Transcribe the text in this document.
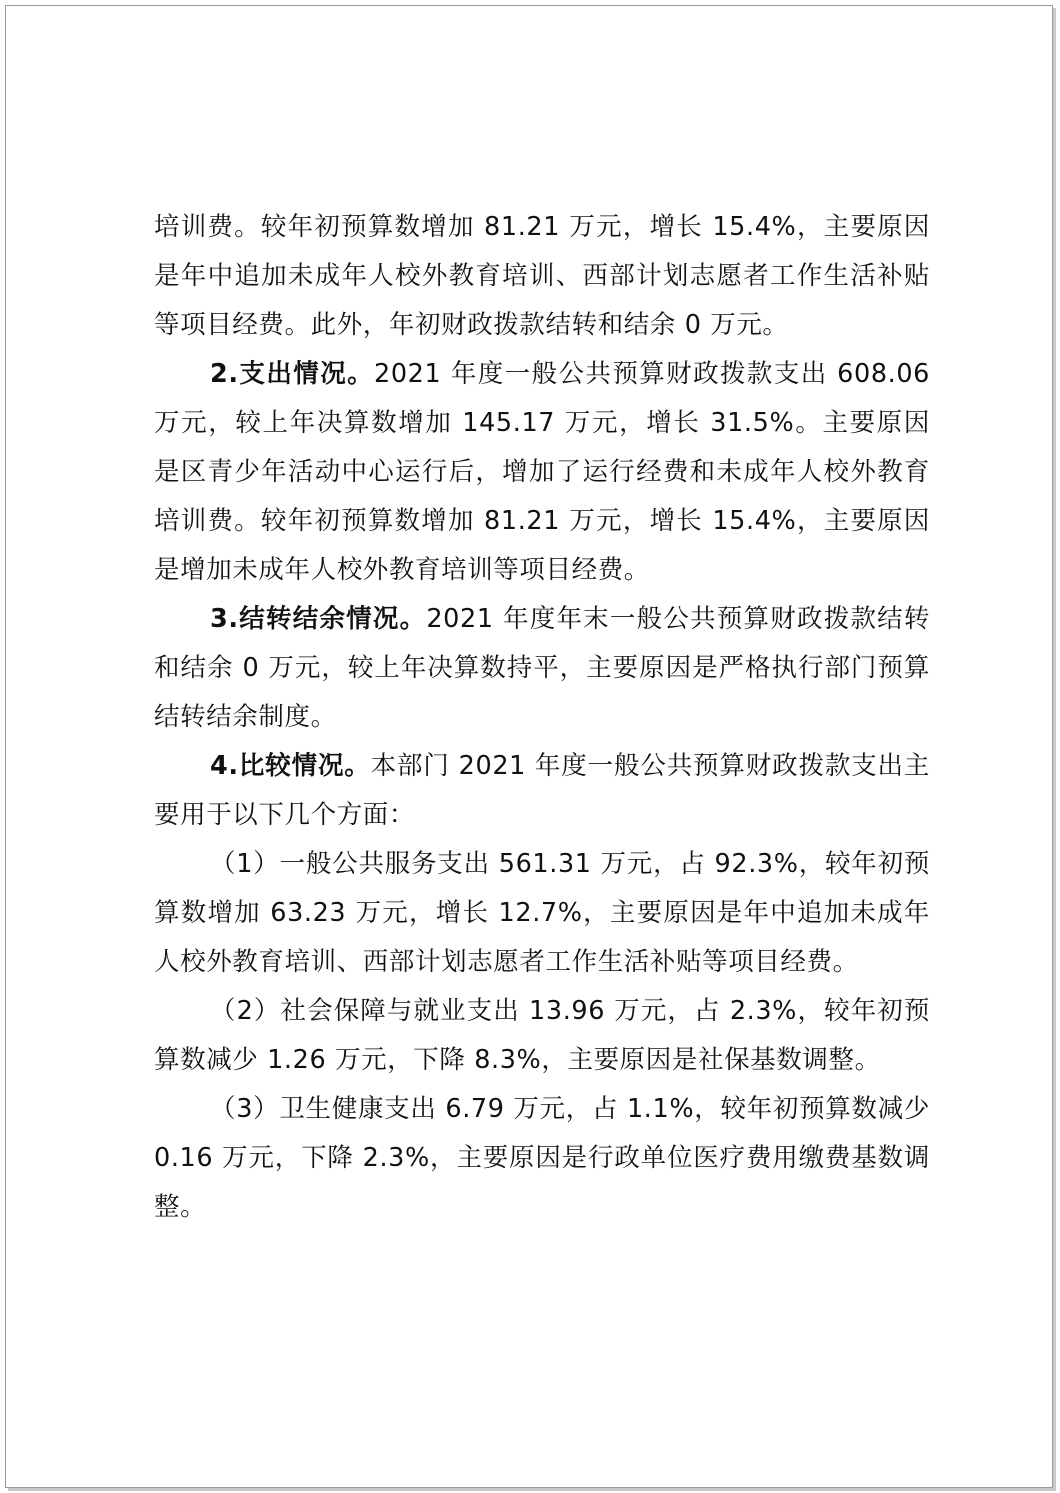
培训费。较年初预算数增加 81.21 万元，增长 15.4%，主要原因是年中追加未成年人校外教育培训、西部计划志愿者工作生活补贴等项目经费。此外，年初财政拨款结转和结余 0 万元。

2.支出情况。2021 年度一般公共预算财政拨款支出 608.06 万元，较上年决算数增加 145.17 万元，增长 31.5%。主要原因是区青少年活动中心运行后，增加了运行经费和未成年人校外教育培训费。较年初预算数增加 81.21 万元，增长 15.4%，主要原因是增加未成年人校外教育培训等项目经费。

3.结转结余情况。2021 年度年末一般公共预算财政拨款结转和结余 0 万元，较上年决算数持平，主要原因是严格执行部门预算结转结余制度。

4.比较情况。本部门 2021 年度一般公共预算财政拨款支出主要用于以下几个方面：

（1）一般公共服务支出 561.31 万元，占 92.3%，较年初预算数增加 63.23 万元，增长 12.7%，主要原因是年中追加未成年人校外教育培训、西部计划志愿者工作生活补贴等项目经费。

（2）社会保障与就业支出 13.96 万元，占 2.3%，较年初预算数减少 1.26 万元，下降 8.3%，主要原因是社保基数调整。

（3）卫生健康支出 6.79 万元，占 1.1%，较年初预算数减少 0.16 万元，下降 2.3%，主要原因是行政单位医疗费用缴费基数调整。
